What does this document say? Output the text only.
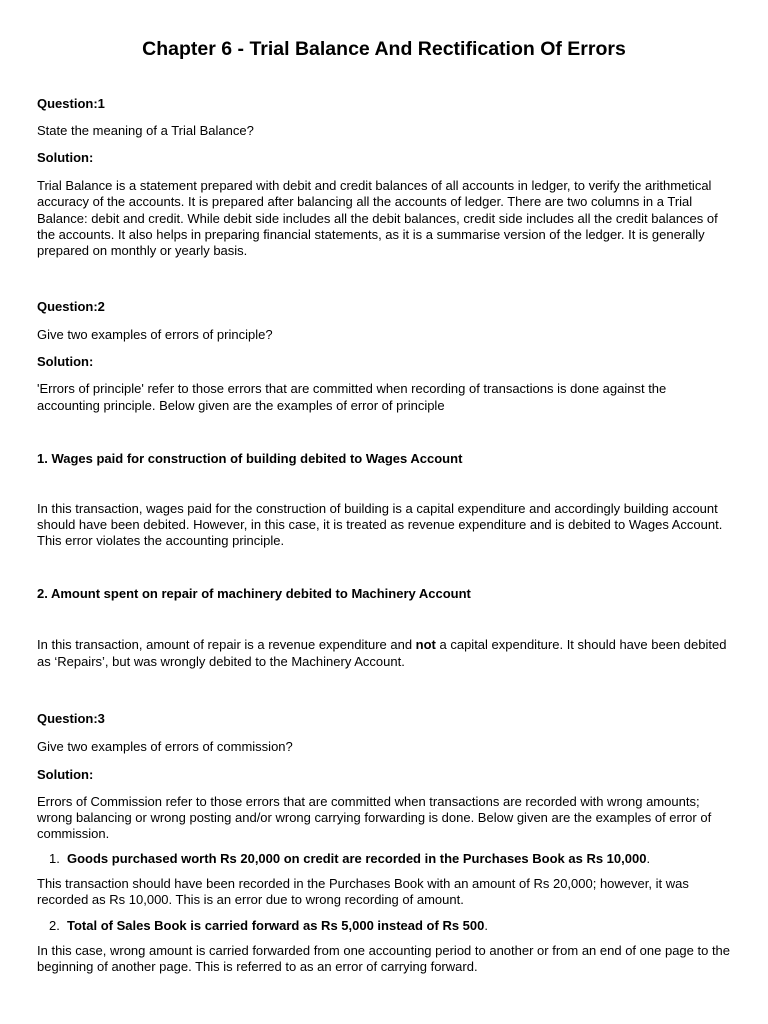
Chapter 6 - Trial Balance And Rectification Of Errors

Question:1

State the meaning of a Trial Balance?

Solution:

Trial Balance is a statement prepared with debit and credit balances of all accounts in ledger, to verify the arithmetical accuracy of the accounts. It is prepared after balancing all the accounts of ledger. There are two columns in a Trial Balance: debit and credit. While debit side includes all the debit balances, credit side includes all the credit balances of the accounts. It also helps in preparing financial statements, as it is a summarise version of the ledger. It is generally prepared on monthly or yearly basis.

Question:2

Give two examples of errors of principle?

Solution:

'Errors of principle' refer to those errors that are committed when recording of transactions is done against the accounting principle. Below given are the examples of error of principle

1. Wages paid for construction of building debited to Wages Account

In this transaction, wages paid for the construction of building is a capital expenditure and accordingly building account should have been debited. However, in this case, it is treated as revenue expenditure and is debited to Wages Account. This error violates the accounting principle.

2. Amount spent on repair of machinery debited to Machinery Account

In this transaction, amount of repair is a revenue expenditure and not a capital expenditure. It should have been debited as ‘Repairs’, but was wrongly debited to the Machinery Account.

Question:3

Give two examples of errors of commission?

Solution:

Errors of Commission refer to those errors that are committed when transactions are recorded with wrong amounts; wrong balancing or wrong posting and/or wrong carrying forwarding is done. Below given are the examples of error of commission.

1. Goods purchased worth Rs 20,000 on credit are recorded in the Purchases Book as Rs 10,000.

This transaction should have been recorded in the Purchases Book with an amount of Rs 20,000; however, it was recorded as Rs 10,000. This is an error due to wrong recording of amount.

2. Total of Sales Book is carried forward as Rs 5,000 instead of Rs 500.

In this case, wrong amount is carried forwarded from one accounting period to another or from an end of one page to the beginning of another page. This is referred to as an error of carrying forward.
